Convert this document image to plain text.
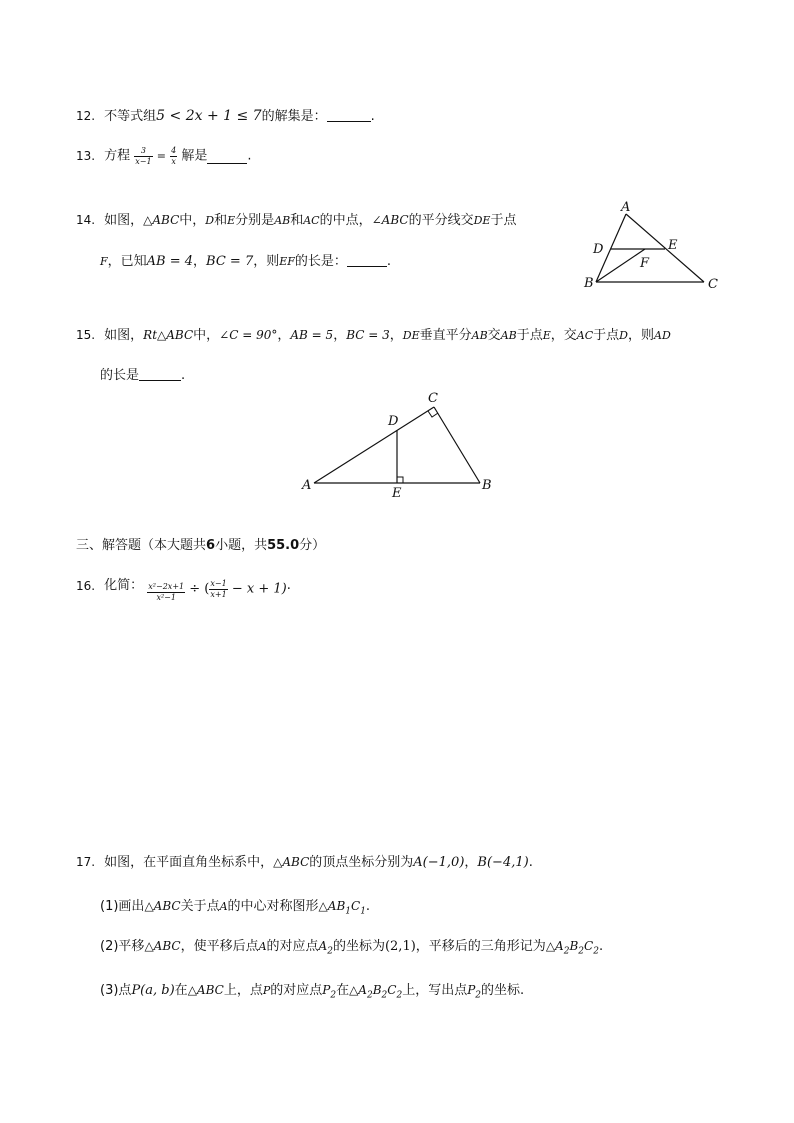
12. 不等式组5 < 2x + 1 ≤ 7的解集是：	.
13. 方程 $\frac{3}{x-1} = \frac{4}{x}$ 解是	.
14. 如图，△ABC中，D和E分别是AB和AC的中点，∠ABC的平分线交DE于点
F，已知AB = 4，BC = 7，则EF的长是：	.
A
B	C
D	E
F
15. 如图，Rt△ABC中，∠C = 90°，AB = 5，BC = 3，DE垂直平分AB交AB于点E，交AC于点D，则AD
的长是	.
A	B
C
D
E
三、解答题（本大题共6小题，共55.0分）
16. 化简： $\frac{\text{x²−2x+1}}{\text{x²−1}}$ ÷ ( $\frac{x-1}{x+1} - x + 1$).
17. 如图，在平面直角坐标系中，△ABC的顶点坐标分别为A(−1,0)，B(−4,1).
(1)画出△ABC关于点A的中心对称图形$\triangle AB_1C_1$.
(2)平移△ABC，使平移后点A的对应点$A_2$的坐标为(2,1)，平移后的三角形记为$\triangle A_2B_2C_2$.
(3)点P(a, b)在△ABC上，点P的对应点$P_2$在$\triangle A_2B_2C_2$上，写出点$P_2$的坐标.
